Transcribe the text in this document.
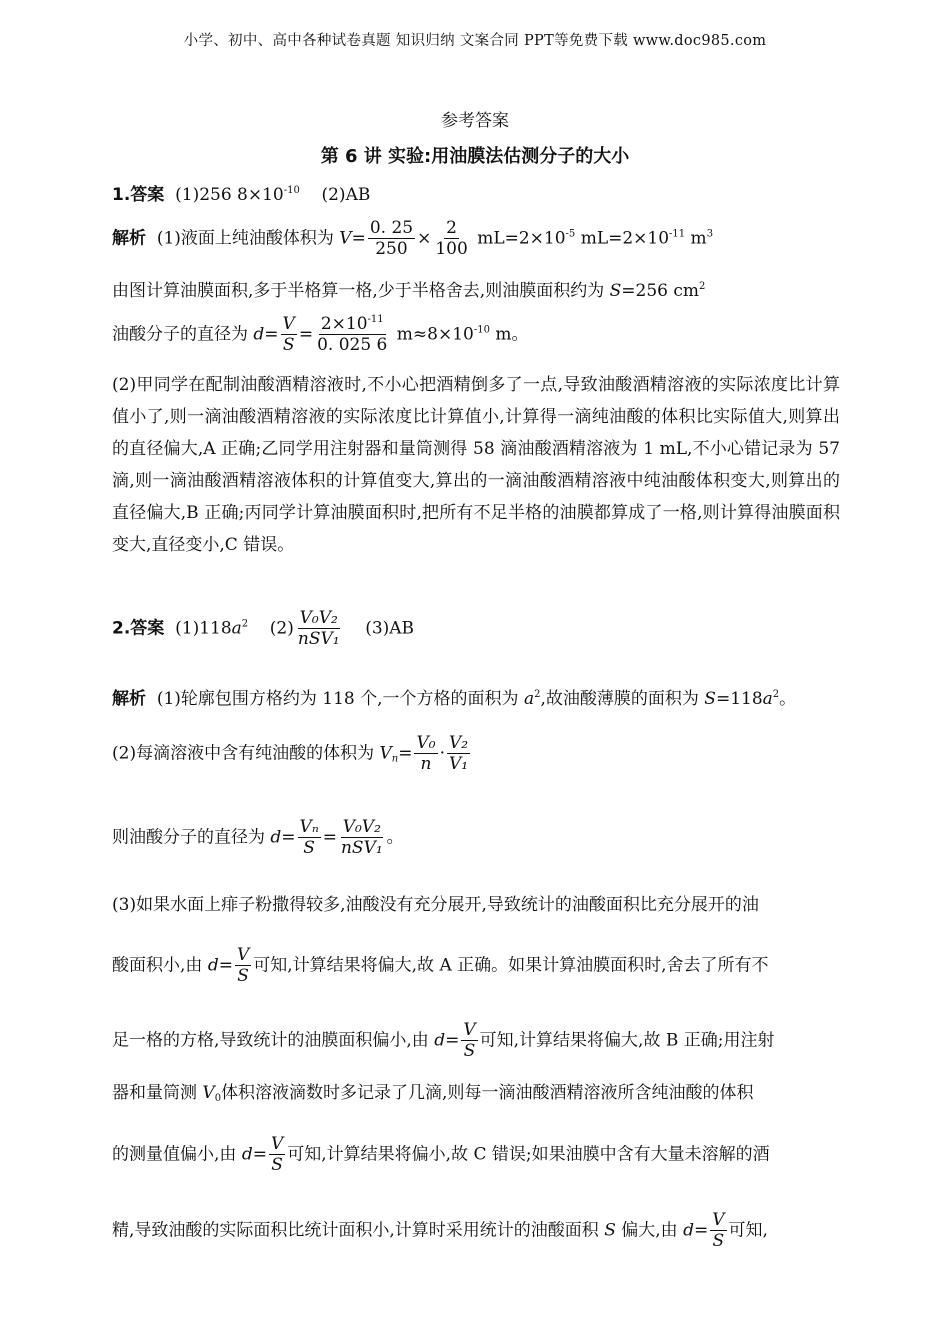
小学、初中、高中各种试卷真题 知识归纳 文案合同 PPT等免费下载 www.doc985.com
参考答案
第 6 讲 实验:用油膜法估测分子的大小
1.答案 (1)256 $8\times 10^{-10}$ (2)AB
解析 (1)液面上纯油酸体积为 $V= \frac{0. 25}{250} \times \frac{2}{100} mL=2\times 10^{-5}$ $mL=2\times 10^{-11}$ $m^3$
由图计算油膜面积,多于半格算一格,少于半格舍去,则油膜面积约为 S=256 $cm^2$
油酸分子的直径为 $d= \frac{V}{S} = \frac{2\times 10^{-11}}{0. 025 6} m\approx 8\times 10^{-10}$ m。
(2)甲同学在配制油酸酒精溶液时,不小心把酒精倒多了一点,导致油酸酒精溶液的实际浓度比计算值小了,则一滴油酸酒精溶液的实际浓度比计算值小,计算得一滴纯油酸的体积比实际值大,则算出的直径偏大,A 正确;乙同学用注射器和量筒测得 58 滴油酸酒精溶液为 1 mL,不小心错记录为 57 滴,则一滴油酸酒精溶液体积的计算值变大,算出的一滴油酸酒精溶液中纯油酸体积变大,则算出的直径偏大,B 正确;丙同学计算油膜面积时,把所有不足半格的油膜都算成了一格,则计算得油膜面积变大,直径变小,C 错误。
2.答案 $(1)118a^2$ $(2) \frac{\text{V₀V₂}}{\text{nSV₁}} (3)AB$
解析 (1)轮廓包围方格约为 118 个,一个方格的面积为 $a^2$,故油酸薄膜的面积为 $S=118a^2$。
(2)每滴溶液中含有纯油酸的体积为 $V_n= \frac{\text{V₀}}{n} \cdot \frac{\text{V₂}}{\text{V₁}}$
则油酸分子的直径为 $d= \frac{\text{Vₙ}}{S} = \frac{\text{V₀V₂}}{\text{nSV₁}}$ 。
(3)如果水面上痱子粉撒得较多,油酸没有充分展开,导致统计的油酸面积比充分展开的油
酸面积小,由 $d= \frac{V}{S}$ 可知,计算结果将偏大,故 A 正确。如果计算油膜面积时,舍去了所有不
足一格的方格,导致统计的油膜面积偏小,由 $d= \frac{V}{S}$ 可知,计算结果将偏大,故 B 正确;用注射
器和量筒测 $V_0$体积溶液滴数时多记录了几滴,则每一滴油酸酒精溶液所含纯油酸的体积
的测量值偏小,由 $d= \frac{V}{S}$ 可知,计算结果将偏小,故 C 错误;如果油膜中含有大量未溶解的酒
精,导致油酸的实际面积比统计面积小,计算时采用统计的油酸面积 S 偏大,由 $d= \frac{V}{S}$ 可知,
